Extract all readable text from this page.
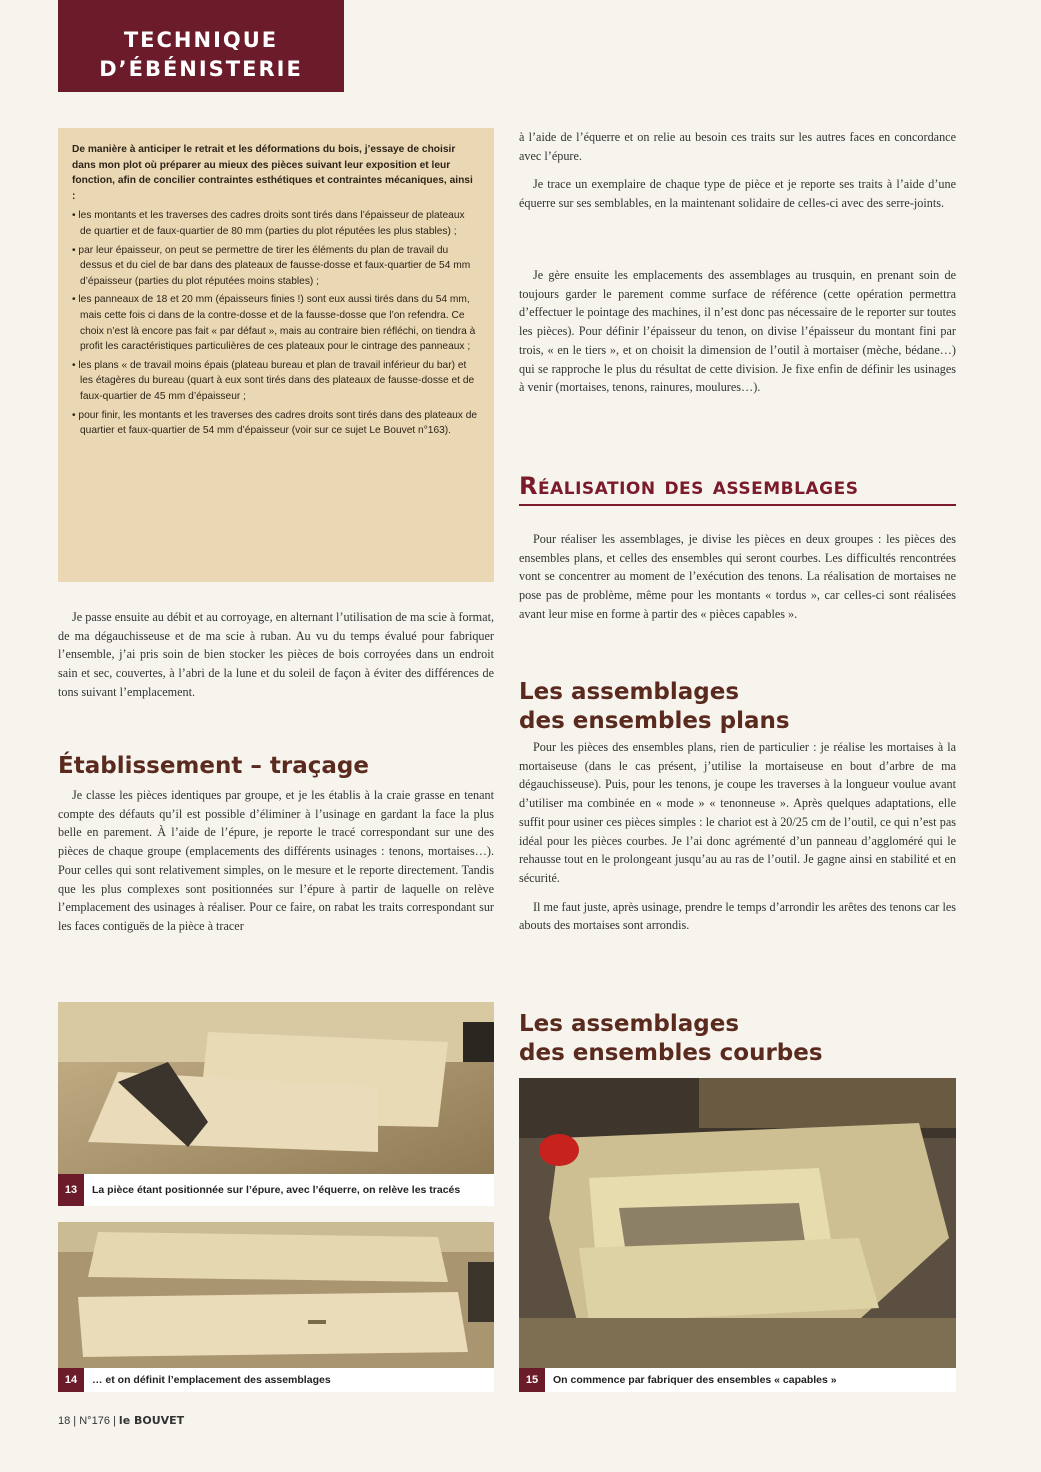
TECHNIQUE
D’ÉBÉNISTERIE

De manière à anticiper le retrait et les déformations du bois, j’essaye de choisir dans mon plot où préparer au mieux des pièces suivant leur exposition et leur fonction, afin de concilier contraintes esthétiques et contraintes mécaniques, ainsi :

• les montants et les traverses des cadres droits sont tirés dans l’épaisseur de plateaux de quartier et de faux-quartier de 80 mm (parties du plot réputées les plus stables) ;
• par leur épaisseur, on peut se permettre de tirer les éléments du plan de travail du dessus et du ciel de bar dans des plateaux de fausse-dosse et faux-quartier de 54 mm d’épaisseur (parties du plot réputées moins stables) ;
• les panneaux de 18 et 20 mm (épaisseurs finies !) sont eux aussi tirés dans du 54 mm, mais cette fois ci dans de la contre-dosse et de la fausse-dosse que l’on refendra. Ce choix n’est là encore pas fait « par défaut », mais au contraire bien réfléchi, on tiendra à profit les caractéristiques particulières de ces plateaux pour le cintrage des panneaux ;
• les plans « de travail moins épais (plateau bureau et plan de travail inférieur du bar) et les étagères du bureau (quart à eux sont tirés dans des plateaux de fausse-dosse et de faux-quartier de 45 mm d’épaisseur ;
• pour finir, les montants et les traverses des cadres droits sont tirés dans des plateaux de quartier et faux-quartier de 54 mm d’épaisseur (voir sur ce sujet Le Bouvet n°163).

Je passe ensuite au débit et au corroyage, en alternant l’utilisation de ma scie à format, de ma dégauchisseuse et de ma scie à ruban. Au vu du temps évalué pour fabriquer l’ensemble, j’ai pris soin de bien stocker les pièces de bois corroyées dans un endroit sain et sec, couvertes, à l’abri de la lune et du soleil de façon à éviter des différences de tons suivant l’emplacement.

Établissement – traçage

Je classe les pièces identiques par groupe, et je les établis à la craie grasse en tenant compte des défauts qu’il est possible d’éliminer à l’usinage en gardant la face la plus belle en parement. À l’aide de l’épure, je reporte le tracé correspondant sur une des pièces de chaque groupe (emplacements des différents usinages : tenons, mortaises…). Pour celles qui sont relativement simples, on le mesure et le reporte directement. Tandis que les plus complexes sont positionnées sur l’épure à partir de laquelle on relève l’emplacement des usinages à réaliser. Pour ce faire, on rabat les traits correspondant sur les faces contiguës de la pièce à tracer

à l’aide de l’équerre et on relie au besoin ces traits sur les autres faces en concordance avec l’épure.

Je trace un exemplaire de chaque type de pièce et je reporte ses traits à l’aide d’une équerre sur ses semblables, en la maintenant solidaire de celles-ci avec des serre-joints.

Je gère ensuite les emplacements des assemblages au trusquin, en prenant soin de toujours garder le parement comme surface de référence (cette opération permettra d’effectuer le pointage des machines, il n’est donc pas nécessaire de le reporter sur toutes les pièces). Pour définir l’épaisseur du tenon, on divise l’épaisseur du montant fini par trois, « en le tiers », et on choisit la dimension de l’outil à mortaiser (mèche, bédane…) qui se rapproche le plus du résultat de cette division. Je fixe enfin de définir les usinages à venir (mortaises, tenons, rainures, moulures…).

Réalisation des assemblages

Pour réaliser les assemblages, je divise les pièces en deux groupes : les pièces des ensembles plans, et celles des ensembles qui seront courbes. Les difficultés rencontrées vont se concentrer au moment de l’exécution des tenons. La réalisation de mortaises ne pose pas de problème, même pour les montants « tordus », car celles-ci sont réalisées avant leur mise en forme à partir des « pièces capables ».

Les assemblages
des ensembles plans

Pour les pièces des ensembles plans, rien de particulier : je réalise les mortaises à la mortaiseuse (dans le cas présent, j’utilise la mortaiseuse en bout d’arbre de ma dégauchisseuse). Puis, pour les tenons, je coupe les traverses à la longueur voulue avant d’utiliser ma combinée en « mode » « tenonneuse ». Après quelques adaptations, elle suffit pour usiner ces pièces simples : le chariot est à 20/25 cm de l’outil, ce qui n’est pas idéal pour les pièces courbes. Je l’ai donc agrémenté d’un panneau d’aggloméré qui le rehausse tout en le prolongeant jusqu’au au ras de l’outil. Je gagne ainsi en stabilité et en sécurité.

Il me faut juste, après usinage, prendre le temps d’arrondir les arêtes des tenons car les abouts des mortaises sont arrondis.

Les assemblages
des ensembles courbes
13	La pièce étant positionnée sur l’épure, avec l’équerre, on relève les tracés
14	… et on définit l’emplacement des assemblages	15	On commence par fabriquer des ensembles « capables »
18 | N°176 | le BOUVET
